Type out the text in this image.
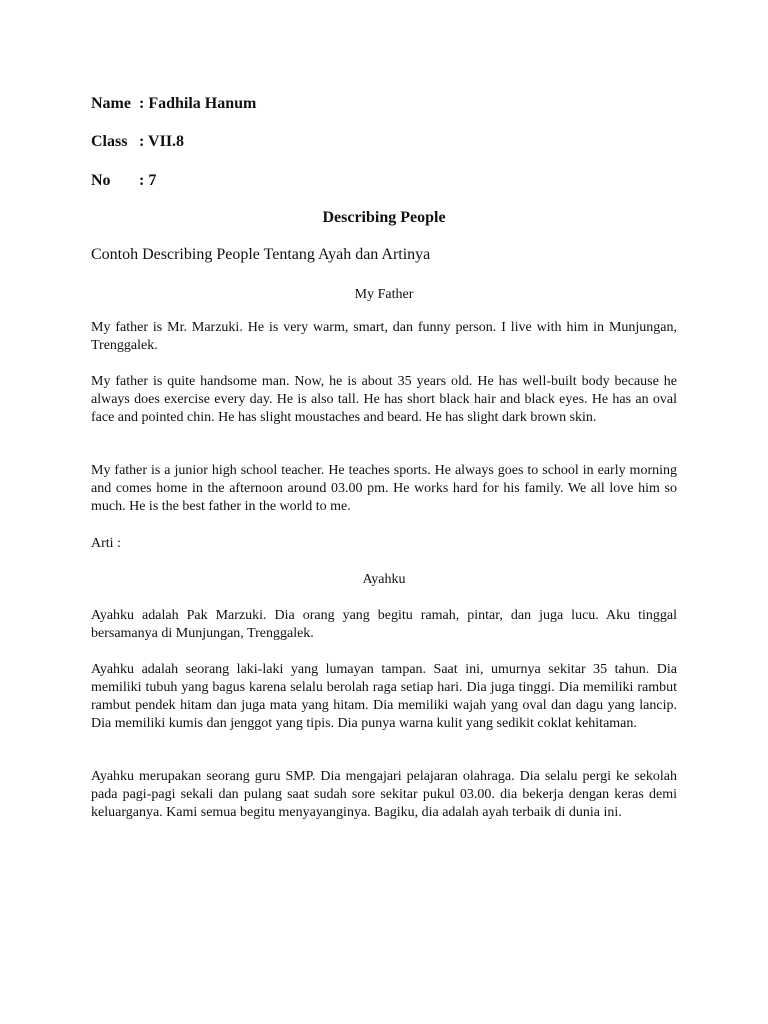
Name : Fadhila Hanum
Class : VII.8
No : 7
Describing People
Contoh Describing People Tentang Ayah dan Artinya
My Father

My father is Mr. Marzuki. He is very warm, smart, dan funny person. I live with him in Munjungan, Trenggalek.

My father is quite handsome man. Now, he is about 35 years old. He has well-built body because he always does exercise every day. He is also tall. He has short black hair and black eyes. He has an oval face and pointed chin. He has slight moustaches and beard. He has slight dark brown skin.

My father is a junior high school teacher. He teaches sports. He always goes to school in early morning and comes home in the afternoon around 03.00 pm. He works hard for his family. We all love him so much. He is the best father in the world to me.

Arti :

Ayahku

Ayahku adalah Pak Marzuki. Dia orang yang begitu ramah, pintar, dan juga lucu. Aku tinggal bersamanya di Munjungan, Trenggalek.

Ayahku adalah seorang laki-laki yang lumayan tampan. Saat ini, umurnya sekitar 35 tahun. Dia memiliki tubuh yang bagus karena selalu berolah raga setiap hari. Dia juga tinggi. Dia memiliki rambut rambut pendek hitam dan juga mata yang hitam. Dia memiliki wajah yang oval dan dagu yang lancip. Dia memiliki kumis dan jenggot yang tipis. Dia punya warna kulit yang sedikit coklat kehitaman.

Ayahku merupakan seorang guru SMP. Dia mengajari pelajaran olahraga. Dia selalu pergi ke sekolah pada pagi-pagi sekali dan pulang saat sudah sore sekitar pukul 03.00. dia bekerja dengan keras demi keluarganya. Kami semua begitu menyayanginya. Bagiku, dia adalah ayah terbaik di dunia ini.
